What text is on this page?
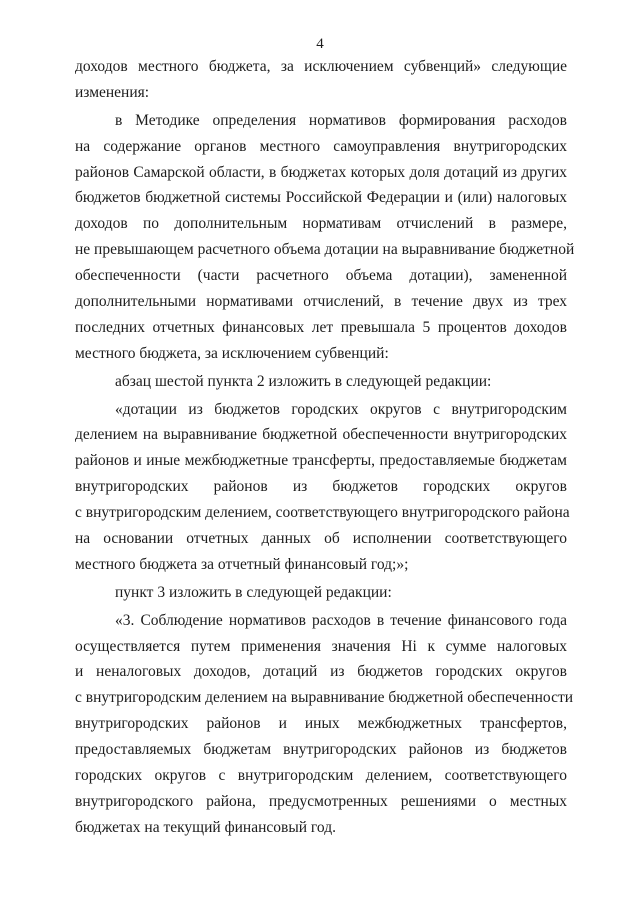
4
доходов местного бюджета, за исключением субвенций» следующие
изменения:
в Методике определения нормативов формирования расходов
на содержание органов местного самоуправления внутригородских
районов Самарской области, в бюджетах которых доля дотаций из других
бюджетов бюджетной системы Российской Федерации и (или) налоговых
доходов по дополнительным нормативам отчислений в размере,
не превышающем расчетного объема дотации на выравнивание бюджетной
обеспеченности (части расчетного объема дотации), замененной
дополнительными нормативами отчислений, в течение двух из трех
последних отчетных финансовых лет превышала 5 процентов доходов
местного бюджета, за исключением субвенций:
абзац шестой пункта 2 изложить в следующей редакции:
«дотации из бюджетов городских округов с внутригородским
делением на выравнивание бюджетной обеспеченности внутригородских
районов и иные межбюджетные трансферты, предоставляемые бюджетам
внутригородских районов из бюджетов городских округов
с внутригородским делением, соответствующего внутригородского района
на основании отчетных данных об исполнении соответствующего
местного бюджета за отчетный финансовый год;»;
пункт 3 изложить в следующей редакции:
«3. Соблюдение нормативов расходов в течение финансового года
осуществляется путем применения значения Hi к сумме налоговых
и неналоговых доходов, дотаций из бюджетов городских округов
с внутригородским делением на выравнивание бюджетной обеспеченности
внутригородских районов и иных межбюджетных трансфертов,
предоставляемых бюджетам внутригородских районов из бюджетов
городских округов с внутригородским делением, соответствующего
внутригородского района, предусмотренных решениями о местных
бюджетах на текущий финансовый год.
